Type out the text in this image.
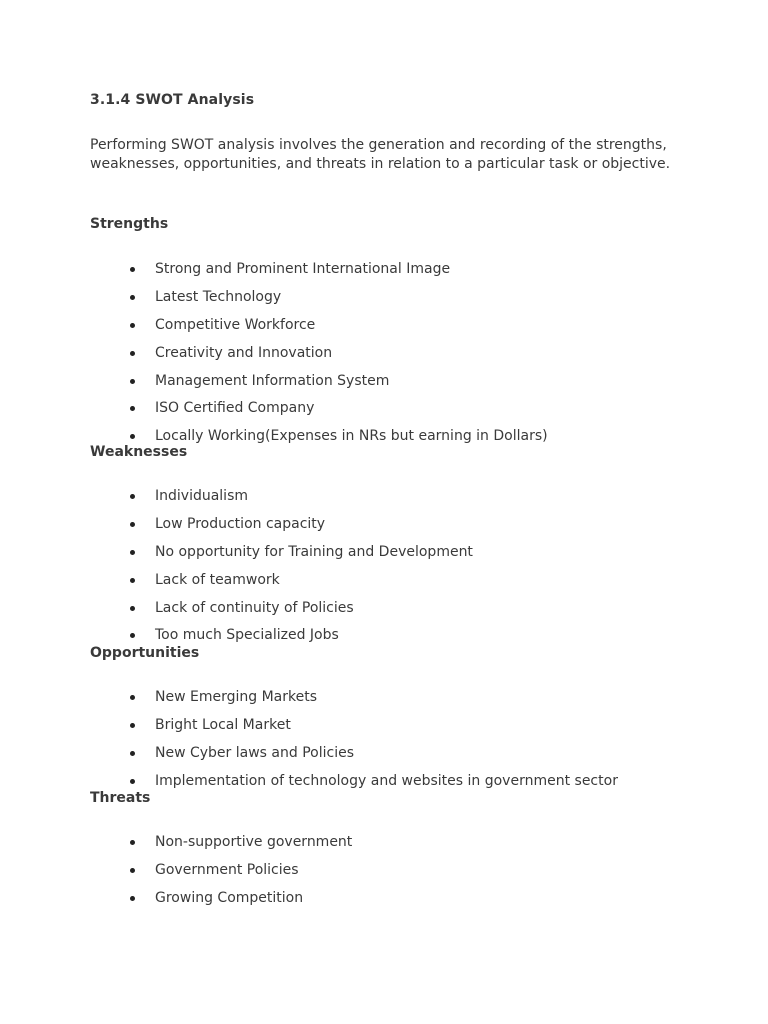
3.1.4 SWOT Analysis

Performing SWOT analysis involves the generation and recording of the strengths, weaknesses, opportunities, and threats in relation to a particular task or objective.

Strengths
Strong and Prominent International Image
Latest Technology
Competitive Workforce
Creativity and Innovation
Management Information System
ISO Certified Company
Locally Working(Expenses in NRs but earning in Dollars)
Weaknesses
Individualism
Low Production capacity
No opportunity for Training and Development
Lack of teamwork
Lack of continuity of Policies
Too much Specialized Jobs
Opportunities
New Emerging Markets
Bright Local Market
New Cyber laws and Policies
Implementation of technology and websites in government sector
Threats
Non-supportive government
Government Policies
Growing Competition
